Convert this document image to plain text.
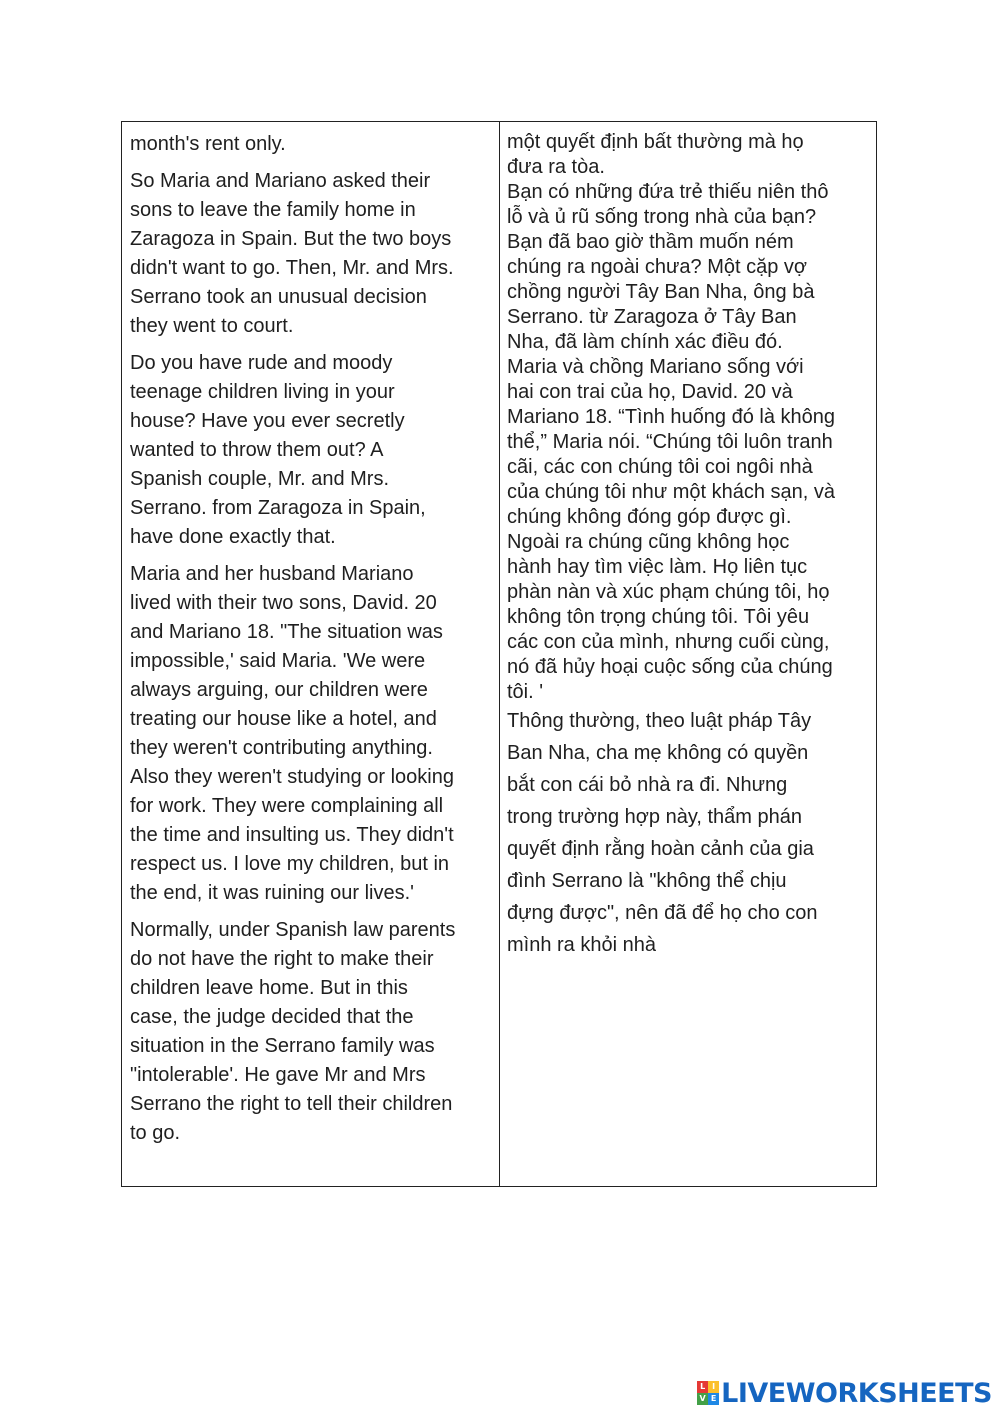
month's rent only.

So Maria and Mariano asked their
sons to leave the family home in
Zaragoza in Spain. But the two boys
didn't want to go. Then, Mr. and Mrs.
Serrano took an unusual decision
they went to court.

Do you have rude and moody
teenage children living in your
house? Have you ever secretly
wanted to throw them out? A
Spanish couple, Mr. and Mrs.
Serrano. from Zaragoza in Spain,
have done exactly that.

Maria and her husband Mariano
lived with their two sons, David. 20
and Mariano 18. "The situation was
impossible,' said Maria. 'We were
always arguing, our children were
treating our house like a hotel, and
they weren't contributing anything.
Also they weren't studying or looking
for work. They were complaining all
the time and insulting us. They didn't
respect us. I love my children, but in
the end, it was ruining our lives.'

Normally, under Spanish law parents
do not have the right to make their
children leave home. But in this
case, the judge decided that the
situation in the Serrano family was
"intolerable'. He gave Mr and Mrs
Serrano the right to tell their children
to go.

một quyết định bất thường mà họ
đưa ra tòa.
Bạn có những đứa trẻ thiếu niên thô
lỗ và ủ rũ sống trong nhà của bạn?
Bạn đã bao giờ thầm muốn ném
chúng ra ngoài chưa? Một cặp vợ
chồng người Tây Ban Nha, ông bà
Serrano. từ Zaragoza ở Tây Ban
Nha, đã làm chính xác điều đó.
Maria và chồng Mariano sống với
hai con trai của họ, David. 20 và
Mariano 18. “Tình huống đó là không
thể,” Maria nói. “Chúng tôi luôn tranh
cãi, các con chúng tôi coi ngôi nhà
của chúng tôi như một khách sạn, và
chúng không đóng góp được gì.
Ngoài ra chúng cũng không học
hành hay tìm việc làm. Họ liên tục
phàn nàn và xúc phạm chúng tôi, họ
không tôn trọng chúng tôi. Tôi yêu
các con của mình, nhưng cuối cùng,
nó đã hủy hoại cuộc sống của chúng
tôi. '

Thông thường, theo luật pháp Tây
Ban Nha, cha mẹ không có quyền
bắt con cái bỏ nhà ra đi. Nhưng
trong trường hợp này, thẩm phán
quyết định rằng hoàn cảnh của gia
đình Serrano là "không thể chịu
đựng được", nên đã để họ cho con
mình ra khỏi nhà

L I
V E LIVEWORKSHEETS
